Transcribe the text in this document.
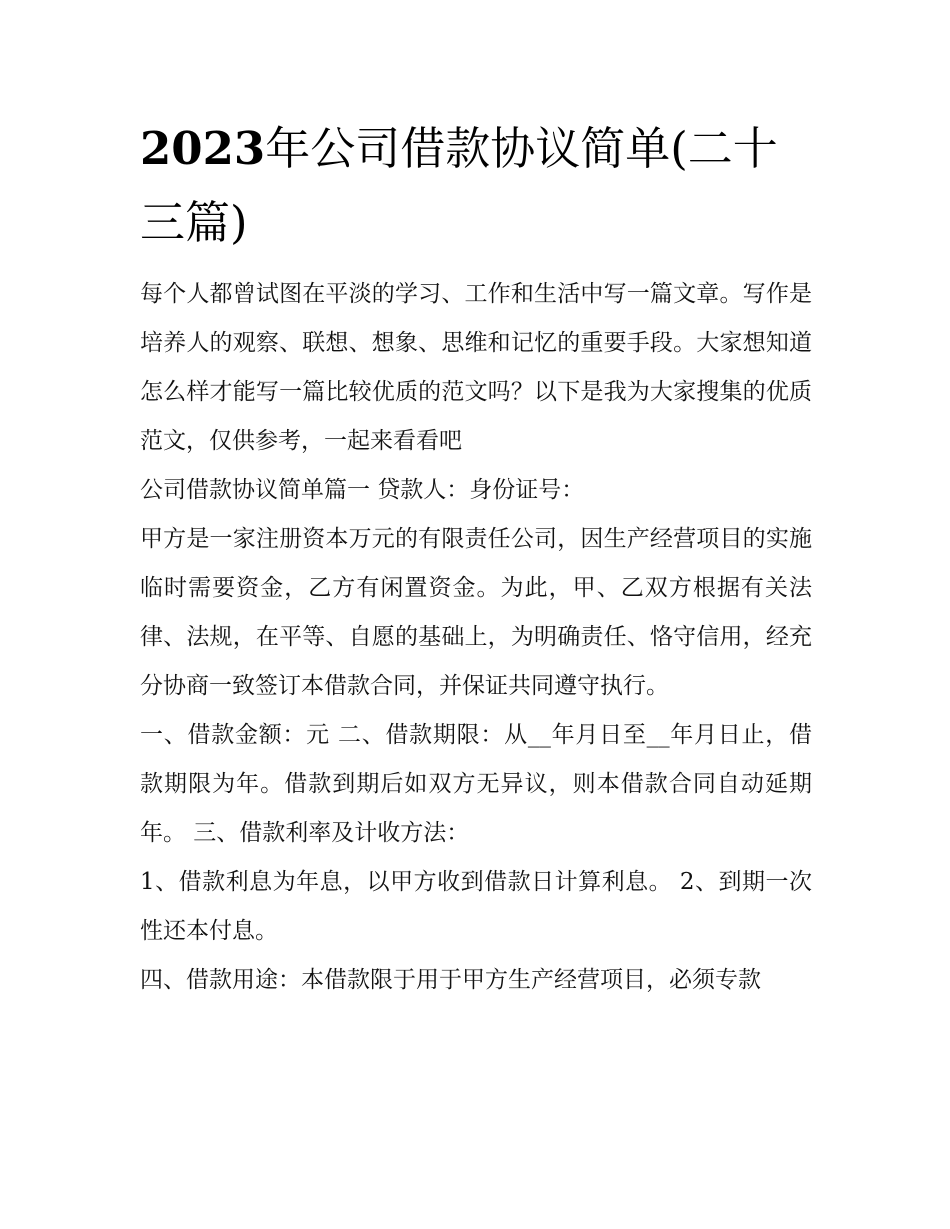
2023年公司借款协议简单(二十三篇)

每个人都曾试图在平淡的学习、工作和生活中写一篇文章。写作是培养人的观察、联想、想象、思维和记忆的重要手段。大家想知道怎么样才能写一篇比较优质的范文吗？以下是我为大家搜集的优质范文，仅供参考，一起来看看吧

公司借款协议简单篇一 贷款人：身份证号：

甲方是一家注册资本万元的有限责任公司，因生产经营项目的实施临时需要资金，乙方有闲置资金。为此，甲、乙双方根据有关法律、法规，在平等、自愿的基础上，为明确责任、恪守信用，经充分协商一致签订本借款合同，并保证共同遵守执行。

一、借款金额：元 二、借款期限：从__年月日至__年月日止，借款期限为年。借款到期后如双方无异议，则本借款合同自动延期年。 三、借款利率及计收方法：

1、借款利息为年息，以甲方收到借款日计算利息。 2、到期一次性还本付息。

四、借款用途：本借款限于用于甲方生产经营项目，必须专款
